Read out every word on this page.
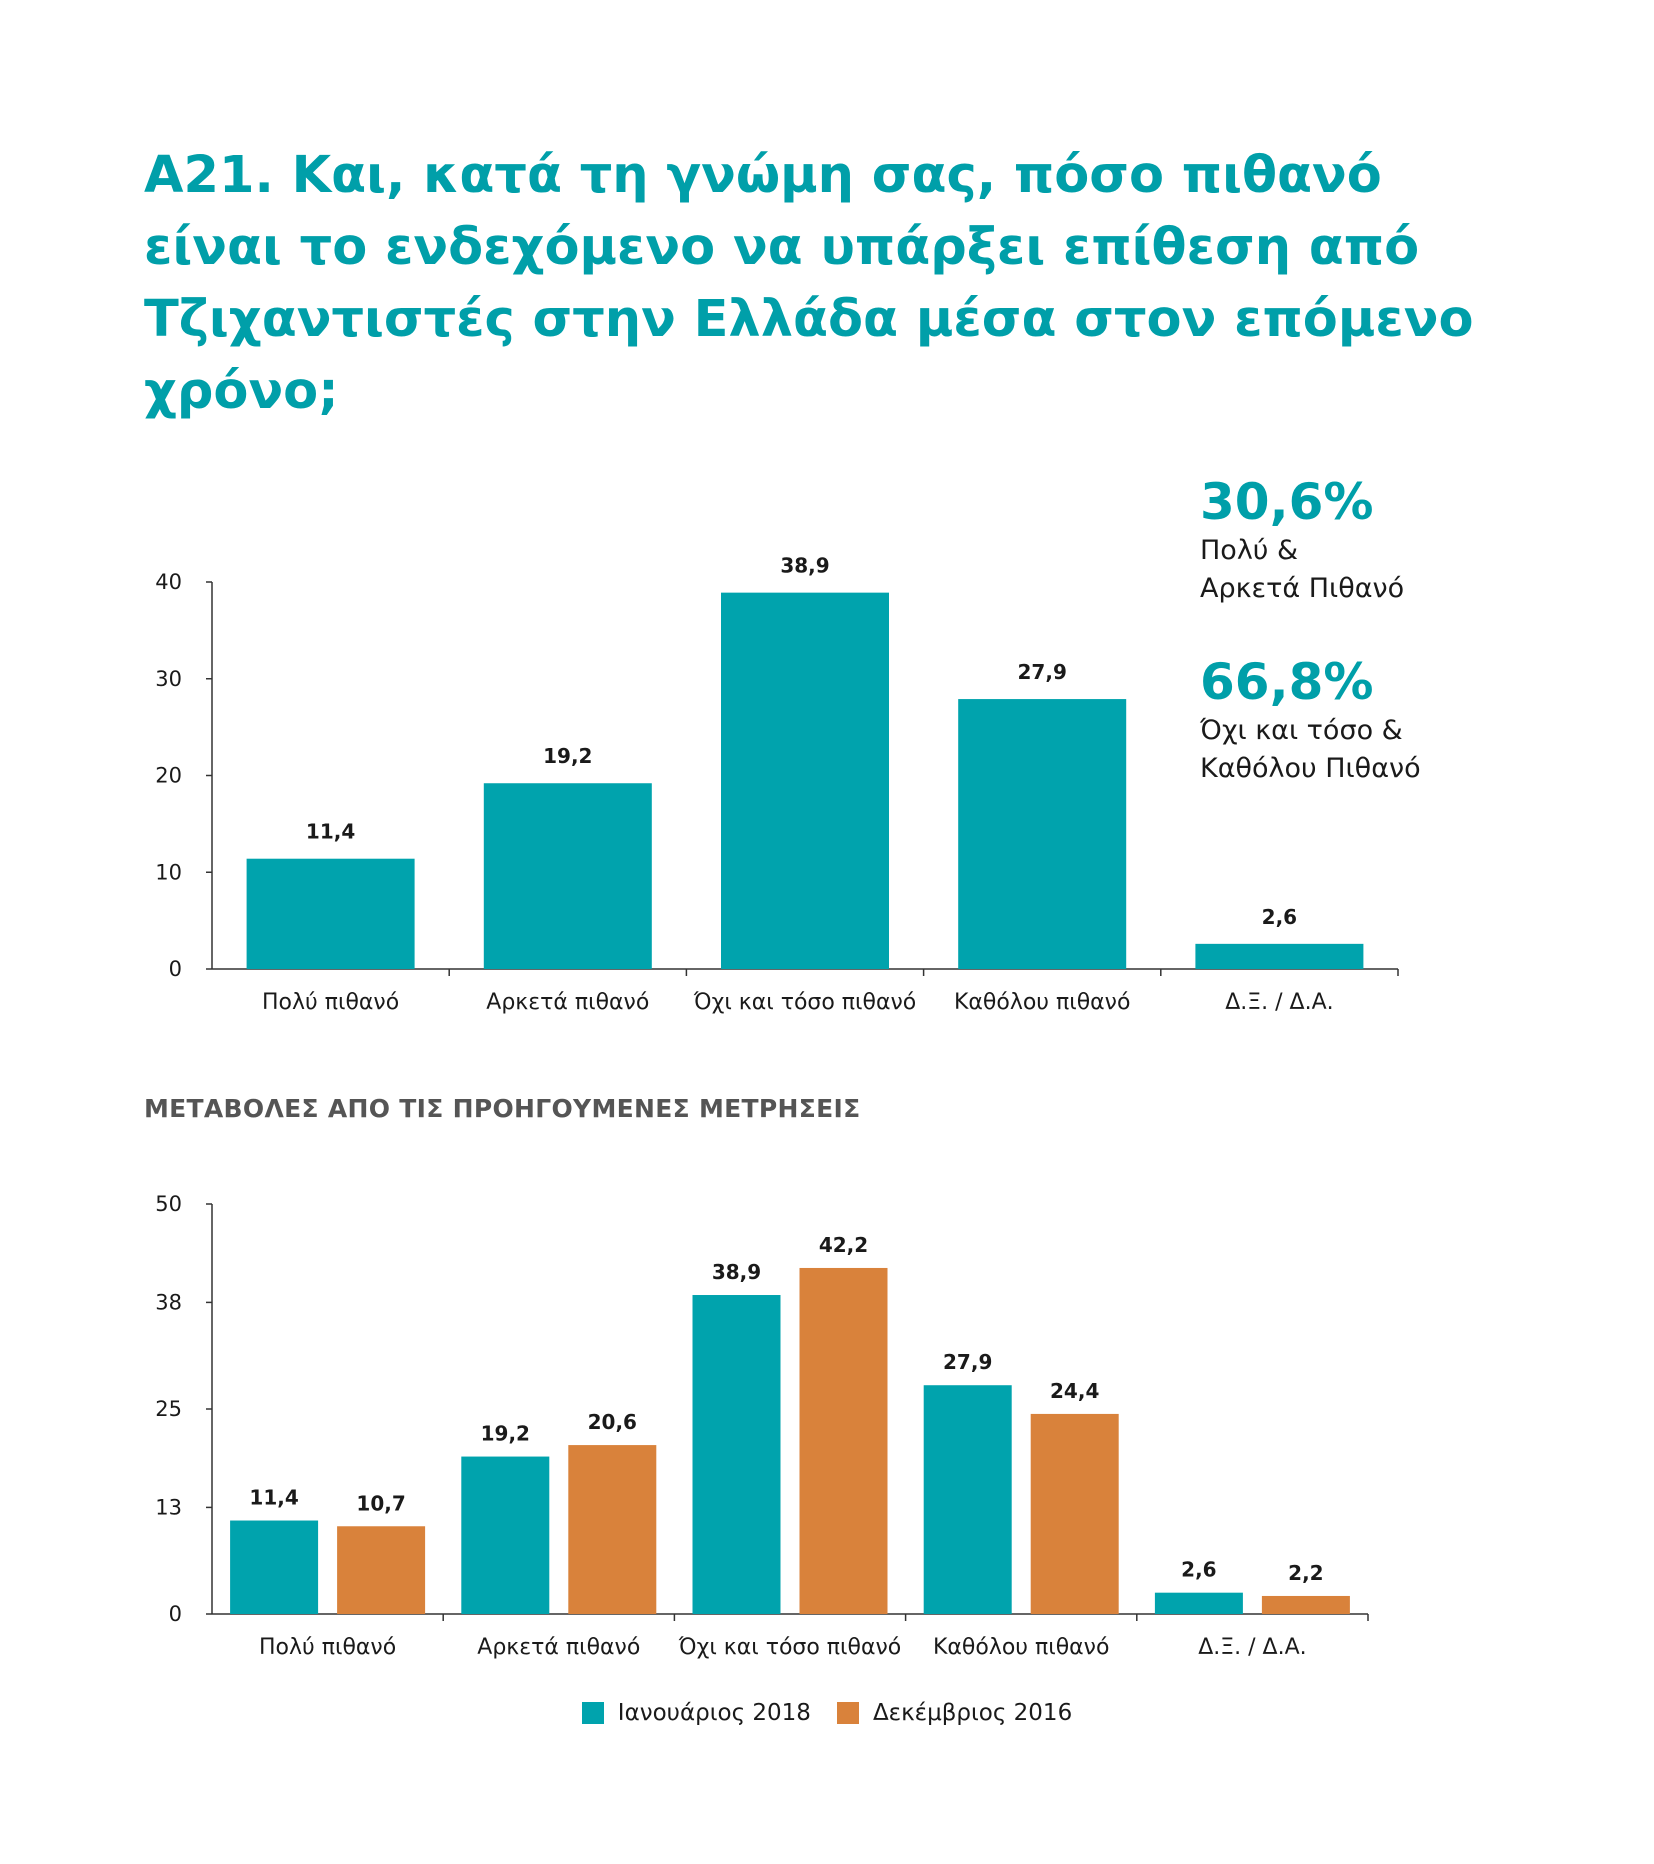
A21. Και, κατά τη γνώμη σας, πόσο πιθανό
είναι το ενδεχόμενο να υπάρξει επίθεση από
Τζιχαντιστές στην Ελλάδα μέσα στον επόμενο
χρόνο;
30,6%
Πολύ &
Αρκετά Πιθανό
66,8%
Όχι και τόσο &
Καθόλου Πιθανό
0
10
20
30
40
Πολύ πιθανό	Αρκετά πιθανό Όχι και τόσο πιθανό Καθόλου πιθανό	Δ.Ξ. / Δ.Α.
11,4
19,2
38,9
27,9
2,6
ΜΕΤΑΒΟΛΕΣ ΑΠΟ ΤΙΣ ΠΡΟΗΓΟΥΜΕΝΕΣ ΜΕΤΡΗΣΕΙΣ
0
13
25
38
50
Πολύ πιθανό	Αρκετά πιθανό Όχι και τόσο πιθανό Καθόλου πιθανό	Δ.Ξ. / Δ.Α.
11,4
19,2
38,9
27,9
2,6
10,7
20,6
42,2
24,4
2,2
Ιανουάριος 2018	Δεκέμβριος 2016
